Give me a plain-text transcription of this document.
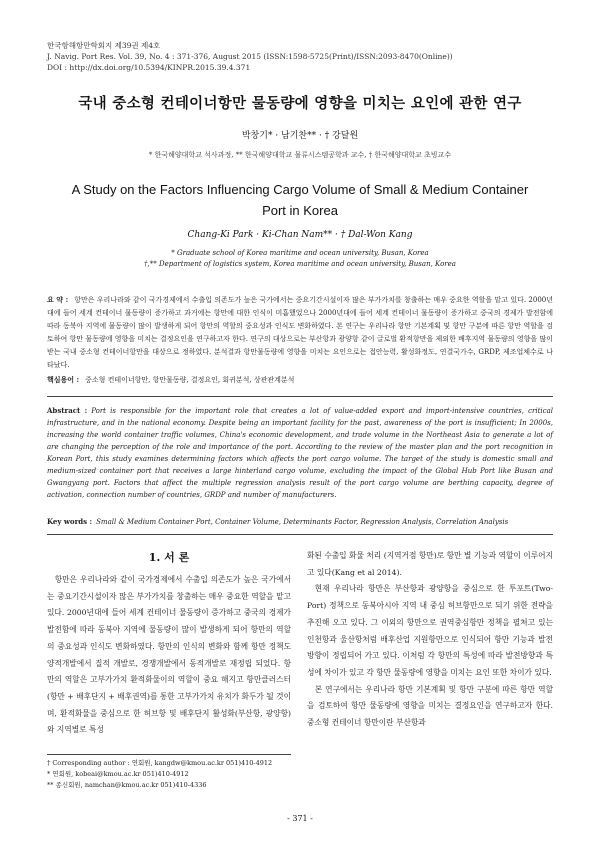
한국항해항만학회지 제39권 제4호
J. Navig. Port Res. Vol. 39, No. 4 : 371-376, August 2015 (ISSN:1598-5725(Print)/ISSN:2093-8470(Online))
DOI : http://dx.doi.org/10.5394/KINPR.2015.39.4.371
국내 중소형 컨테이너항만 물동량에 영향을 미치는 요인에 관한 연구
박창기* · 남기찬** · † 강달원
* 한국해양대학교 석사과정, ** 한국해양대학교 물류시스템공학과 교수, † 한국해양대학교 초빙교수
A Study on the Factors Influencing Cargo Volume of Small & Medium Container Port in Korea
Chang-Ki Park · Ki-Chan Nam** · † Dal-Won Kang
* Graduate school of Korea maritime and ocean university, Busan, Korea
†,** Department of logistics system, Korea maritime and ocean university, Busan, Korea
요 약 : 항만은 우리나라와 같이 국가경제에서 수출입 의존도가 높은 국가에서는 중요기간시설이자 많은 부가가치를 창출하는 매우 중요한 역할을 맡고 있다. 2000년대에 들어 세계 컨테이너 물동량이 증가하고 과거에는 항만에 대한 인식이 미흡했었으나 2000년대에 들어 세계 컨테이너 물동량이 증가하고 중국의 경제가 발전함에 따라 동북아 지역에 물동량이 많이 발생하게 되어 항만의 역할의 중요성과 인식도 변화하였다. 본 연구는 우리나라 항만 기본계획 및 항만 구분에 따른 항만 역할을 검토하여 항만 물동량에 영향을 미치는 결정요인을 연구하고자 한다. 연구의 대상으로는 부산항과 광양항 같이 글로벌 환적항만을 제외한 배후지역 물동량의 영향을 많이 받는 국내 중소형 컨테이너항만을 대상으로 정하였다. 분석결과 항만물동량에 영향을 미치는 요인으로는 접안능력, 활성화정도, 연결국가수, GRDP, 제조업체수로 나타났다.
핵심용어 : 중소형 컨테이너항만, 항만물동량, 결정요인, 회귀분석, 상관관계분석
Abstract : Port is responsible for the important role that creates a lot of value-added export and import-intensive countries, critical infrastructure, and in the national economy. Despite being an important facility for the past, awareness of the port is insufficient; In 2000s, increasing the world container traffic volumes, China's economic development, and trade volume in the Northeast Asia to generate a lot of are changing the perception of the role and importance of the port. According to the review of the master plan and the port recognition in Korean Port, this study examines determining factors which affects the port cargo volume. The target of the study is domestic small and medium-sized container port that receives a large hinterland cargo volume, excluding the impact of the Global Hub Port like Busan and Gwangyang port. Factors that affect the multiple regression analysis result of the port cargo volume are berthing capacity, degree of activation, connection number of countries, GRDP and number of manufacturers.
Key words : Small & Medium Container Port, Container Volume, Determinants Factor, Regression Analysis, Correlation Analysis
1. 서 론

항만은 우리나라와 같이 국가경제에서 수출입 의존도가 높은 국가에서는 중요기간시설이자 많은 부가가치를 창출하는 매우 중요한 역할을 맡고 있다. 2000년대에 들어 세계 컨테이너 물동량이 증가하고 중국의 경제가 발전함에 따라 동북아 지역에 물동량이 많이 발생하게 되어 항만의 역할의 중요성과 인식도 변화하였다. 항만의 인식의 변화와 함께 항만 정책도 양적개발에서 질적 개발로, 경쟁개발에서 동적개발로 재정립 되었다. 항만의 역할은 고부가가치 환적화물이의 역할이 중요 해지고 항만클러스터(항만 + 배후단지 + 배후권역)를 통한 고부가가치 유치가 화두가 될 것이며, 환적화물을 중심으로 한 허브항 및 배후단지 활성화(부산항, 광양항) 와 지역별로 특성

화된 수출입 화물 처리 (지역거점 항만)로 항만 별 기능과 역할이 이루어지고 있다(Kang et al 2014).

현재 우리나라 항만은 부산항과 광양항을 중심으로 한 투포트(Two-Port) 정책으로 동북아시아 지역 내 중심 허브항만으로 되기 위한 전략을 추진해 오고 있다. 그 이외의 항만으로 권역중심항만 정책을 펼쳐고 있는 인천항과 울산항처럼 배후산업 지원항만으로 인식되어 항만 기능과 발전방향이 정립되어 가고 있다. 이처럼 각 항만의 특성에 따라 발전방향과 특성에 차이가 있고 각 항만 물동량에 영향을 미치는 요인 또한 차이가 있다.

본 연구에서는 우리나라 항만 기본계획 및 항만 구분에 따른 항만 역할을 검토하여 항만 물동량에 영향을 미치는 결정요인을 연구하고자 한다. 중소형 컨테이너 항만이란 부산항과

† Corresponding author : 연회원, kangdw@kmou.ac.kr 051)410-4912
* 연회원, kobeai@kmou.ac.kr 051)410-4912
** 종신회원, namchan@kmou.ac.kr 051)410-4336
- 371 -
